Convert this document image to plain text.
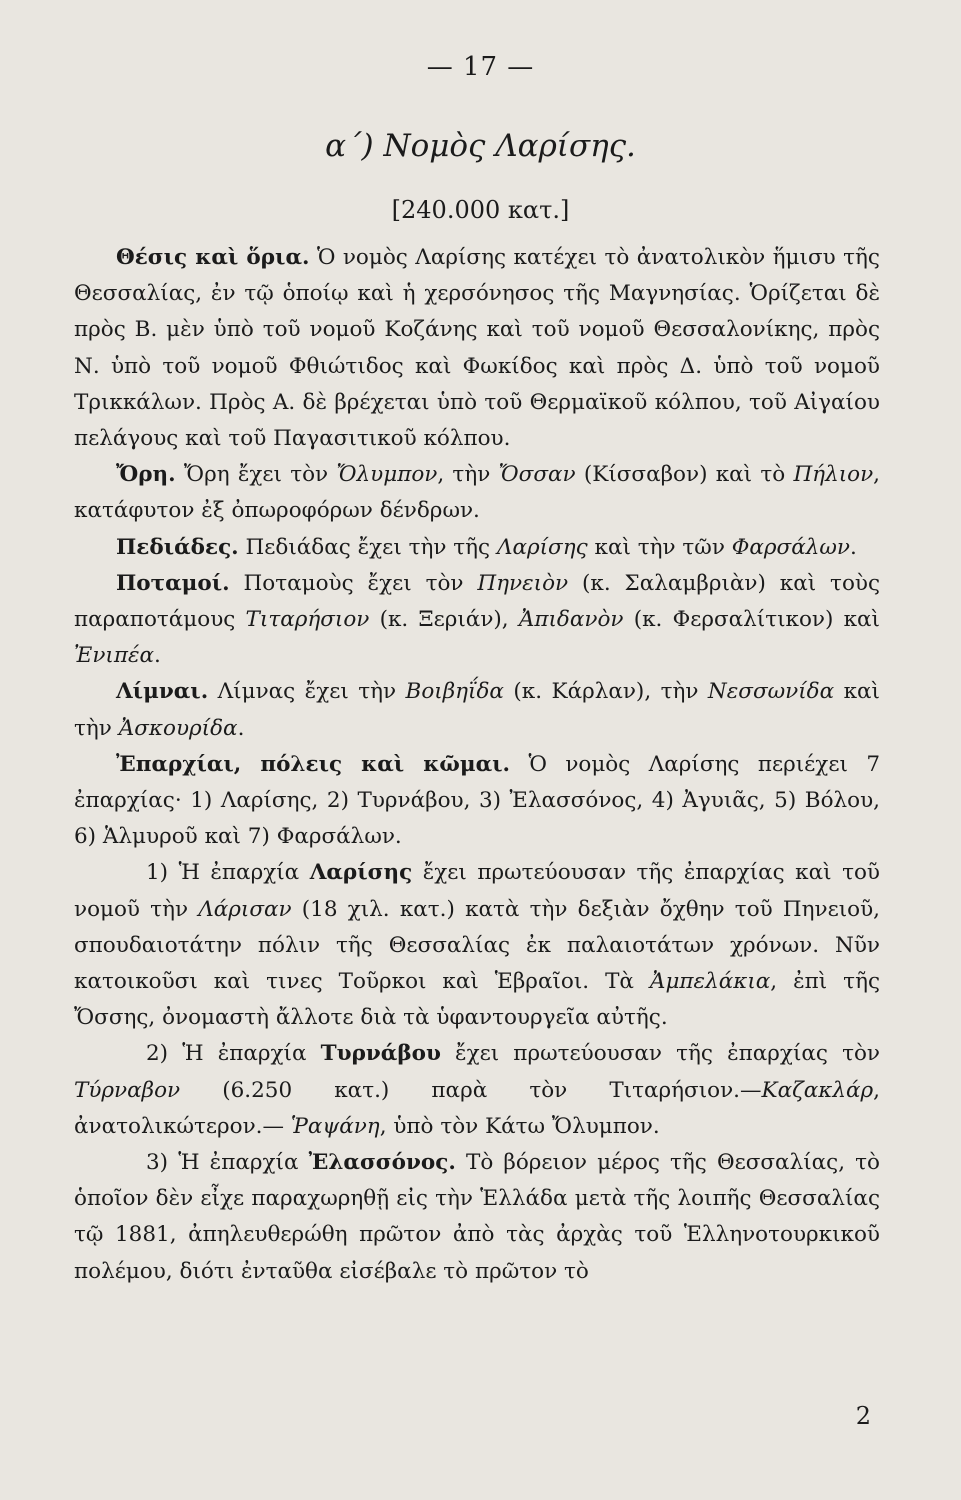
— 17 —
α΄) Νομὸς Λαρίσης.
[240.000 κατ.]

Θέσις καὶ ὅρια. Ὁ νομὸς Λαρίσης κατέχει τὸ ἀνατολικὸν ἥμισυ τῆς Θεσσαλίας, ἐν τῷ ὁποίῳ καὶ ἡ χερσόνησος τῆς Μαγνησίας. Ὁρίζεται δὲ πρὸς Β. μὲν ὑπὸ τοῦ νομοῦ Κοζάνης καὶ τοῦ νομοῦ Θεσσαλονίκης, πρὸς Ν. ὑπὸ τοῦ νομοῦ Φθιώτιδος καὶ Φωκίδος καὶ πρὸς Δ. ὑπὸ τοῦ νομοῦ Τρικκάλων. Πρὸς Α. δὲ βρέχεται ὑπὸ τοῦ Θερμαϊκοῦ κόλπου, τοῦ Αἰγαίου πελάγους καὶ τοῦ Παγασιτικοῦ κόλπου.

Ὄρη. Ὄρη ἔχει τὸν Ὄλυμπον, τὴν Ὄσσαν (Κίσσαβον) καὶ τὸ Πήλιον, κατάφυτον ἐξ ὀπωροφόρων δένδρων.

Πεδιάδες. Πεδιάδας ἔχει τὴν τῆς Λαρίσης καὶ τὴν τῶν Φαρσάλων.

Ποταμοί. Ποταμοὺς ἔχει τὸν Πηνειὸν (κ. Σαλαμβριὰν) καὶ τοὺς παραποτάμους Τιταρήσιον (κ. Ξεριάν), Ἀπιδανὸν (κ. Φερσαλίτικον) καὶ Ἐνιπέα.

Λίμναι. Λίμνας ἔχει τὴν Βοιβηΐδα (κ. Κάρλαν), τὴν Νεσσωνίδα καὶ τὴν Ἀσκουρίδα.

Ἐπαρχίαι, πόλεις καὶ κῶμαι. Ὁ νομὸς Λαρίσης περιέχει 7 ἐπαρχίας· 1) Λαρίσης, 2) Τυρνάβου, 3) Ἐλασσόνος, 4) Ἀγυιᾶς, 5) Βόλου, 6) Ἁλμυροῦ καὶ 7) Φαρσάλων.

1) Ἡ ἐπαρχία Λαρίσης ἔχει πρωτεύουσαν τῆς ἐπαρχίας καὶ τοῦ νομοῦ τὴν Λάρισαν (18 χιλ. κατ.) κατὰ τὴν δεξιὰν ὄχθην τοῦ Πηνειοῦ, σπουδαιοτάτην πόλιν τῆς Θεσσαλίας ἐκ παλαιοτάτων χρόνων. Νῦν κατοικοῦσι καὶ τινες Τοῦρκοι καὶ Ἑβραῖοι. Τὰ Ἀμπελάκια, ἐπὶ τῆς Ὄσσης, ὀνομαστὴ ἄλλοτε διὰ τὰ ὑφαντουργεῖα αὐτῆς.

2) Ἡ ἐπαρχία Τυρνάβου ἔχει πρωτεύουσαν τῆς ἐπαρχίας τὸν Τύρναβον (6.250 κατ.) παρὰ τὸν Τιταρήσιον.—Καζακλάρ, ἀνατολικώτερον.— Ῥαψάνη, ὑπὸ τὸν Κάτω Ὄλυμπον.

3) Ἡ ἐπαρχία Ἐλασσόνος. Τὸ βόρειον μέρος τῆς Θεσσαλίας, τὸ ὁποῖον δὲν εἶχε παραχωρηθῇ εἰς τὴν Ἑλλάδα μετὰ τῆς λοιπῆς Θεσσαλίας τῷ 1881, ἀπηλευθερώθη πρῶτον ἀπὸ τὰς ἀρχὰς τοῦ Ἑλληνοτουρκικοῦ πολέμου, διότι ἐνταῦθα εἰσέβαλε τὸ πρῶτον τὸ

2
